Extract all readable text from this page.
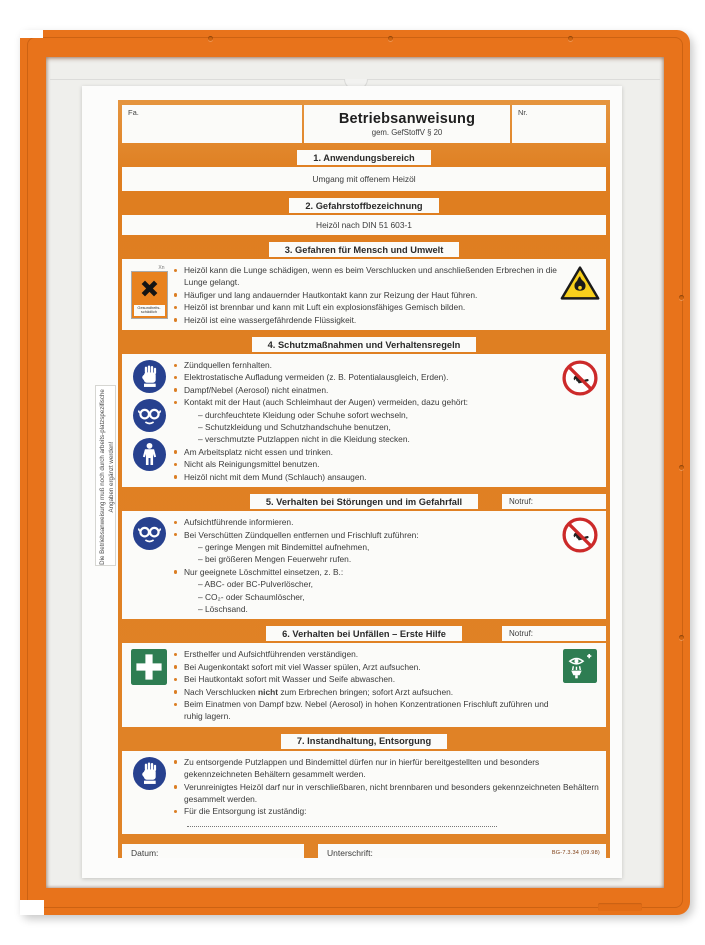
Die Betriebsanweisung muß noch durch arbeits-platzspezifische Angaben ergänzt werden!
Fa.	Betriebsanweisung
gem. GefStoffV § 20
Nr.
1. Anwendungsbereich
Umgang mit offenem Heizöl
2. Gefahrstoffbezeichnung
Heizöl nach DIN 51 603-1
3. Gefahren für Mensch und Umwelt
Xn
Gesundheits-
schädlich
Heizöl kann die Lunge schädigen, wenn es beim Verschlucken und anschließenden Erbrechen in die Lunge gelangt.
Häufiger und lang andauernder Hautkontakt kann zur Reizung der Haut führen.
Heizöl ist brennbar und kann mit Luft ein explosionsfähiges Gemisch bilden.
Heizöl ist eine wassergefährdende Flüssigkeit.
4. Schutzmaßnahmen und Verhaltensregeln
Zündquellen fernhalten.
Elektrostatische Aufladung vermeiden (z. B. Potentialausgleich, Erden).
Dampf/Nebel (Aerosol) nicht einatmen.
Kontakt mit der Haut (auch Schleimhaut der Augen) vermeiden, dazu gehört:
– durchfeuchtete Kleidung oder Schuhe sofort wechseln,
– Schutzkleidung und Schutzhandschuhe benutzen,
– verschmutzte Putzlappen nicht in die Kleidung stecken.
Am Arbeitsplatz nicht essen und trinken.
Nicht als Reinigungsmittel benutzen.
Heizöl nicht mit dem Mund (Schlauch) ansaugen.
5. Verhalten bei Störungen und im Gefahrfall	Notruf:
Aufsichtführende informieren.
Bei Verschütten Zündquellen entfernen und Frischluft zuführen:
– geringe Mengen mit Bindemittel aufnehmen,
– bei größeren Mengen Feuerwehr rufen.
Nur geeignete Löschmittel einsetzen, z. B.:
– ABC- oder BC-Pulverlöscher,
– CO₂- oder Schaumlöscher,
– Löschsand.
6. Verhalten bei Unfällen – Erste Hilfe	Notruf:
Ersthelfer und Aufsichtführenden verständigen.
Bei Augenkontakt sofort mit viel Wasser spülen, Arzt aufsuchen.
Bei Hautkontakt sofort mit Wasser und Seife abwaschen.
Nach Verschlucken nicht zum Erbrechen bringen; sofort Arzt aufsuchen.
Beim Einatmen von Dampf bzw. Nebel (Aerosol) in hohen Konzentrationen Frischluft zuführen und ruhig lagern.
7. Instandhaltung, Entsorgung
Zu entsorgende Putzlappen und Bindemittel dürfen nur in hierfür bereitgestellten und besonders gekennzeichneten Behältern gesammelt werden.
Verunreinigtes Heizöl darf nur in verschließbaren, nicht brennbaren und besonders gekennzeichneten Behältern gesammelt werden.
Für die Entsorgung ist zuständig:
Datum:	Unterschrift:	BG-7.3.34 (09.98)
